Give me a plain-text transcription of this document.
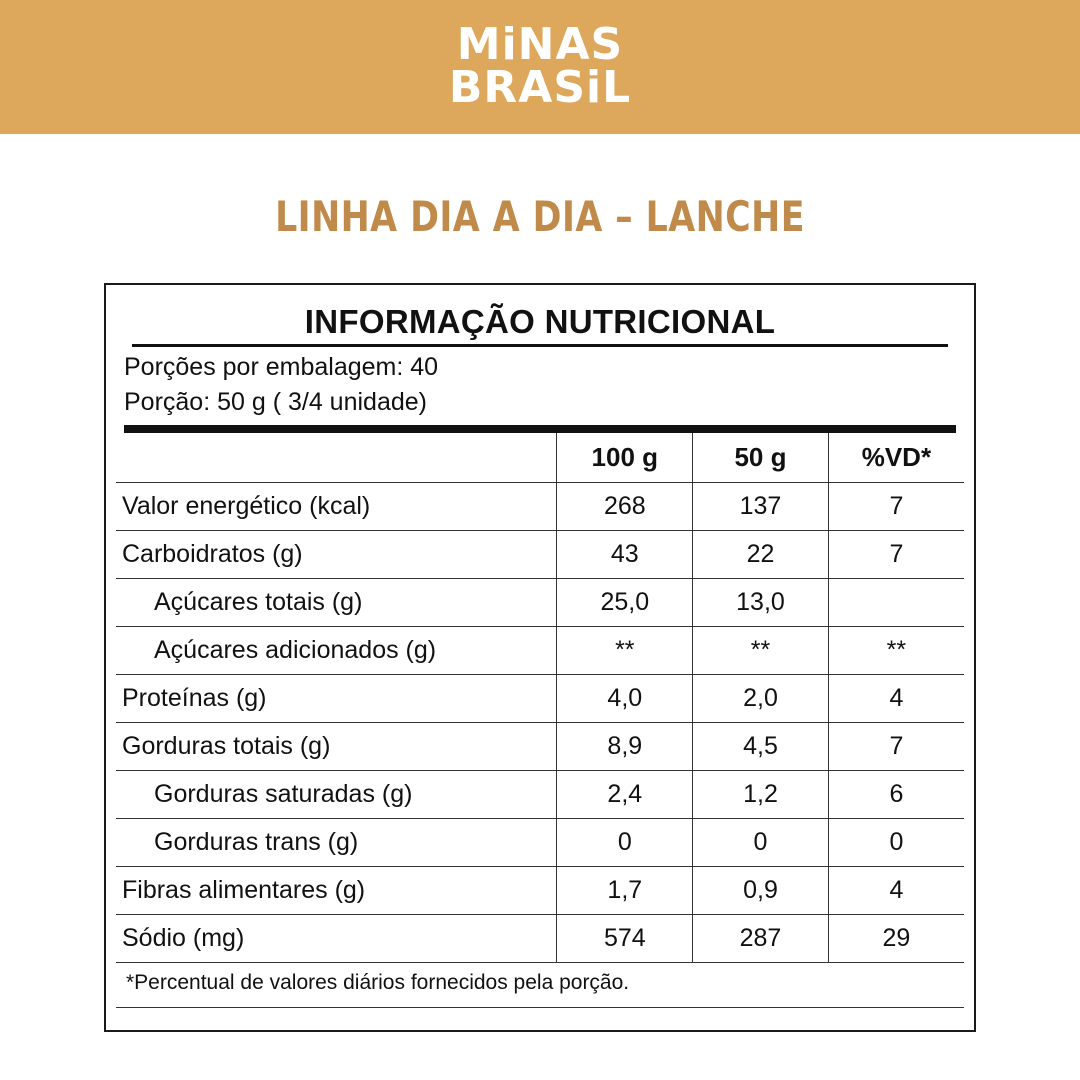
MiNAS
BRASiL
LINHA DIA A DIA – LANCHE
INFORMAÇÃO NUTRICIONAL
Porções por embalagem: 40
Porção: 50 g ( 3/4 unidade)
	100 g	50 g	%VD*
Valor energético (kcal)	268	137	7
Carboidratos (g)	43	22	7
Açúcares totais (g)	25,0	13,0	
Açúcares adicionados (g)	**	**	**
Proteínas (g)	4,0	2,0	4
Gorduras totais (g)	8,9	4,5	7
Gorduras saturadas (g)	2,4	1,2	6
Gorduras trans (g)	0	0	0
Fibras alimentares (g)	1,7	0,9	4
Sódio (mg)	574	287	29
*Percentual de valores diários fornecidos pela porção.
